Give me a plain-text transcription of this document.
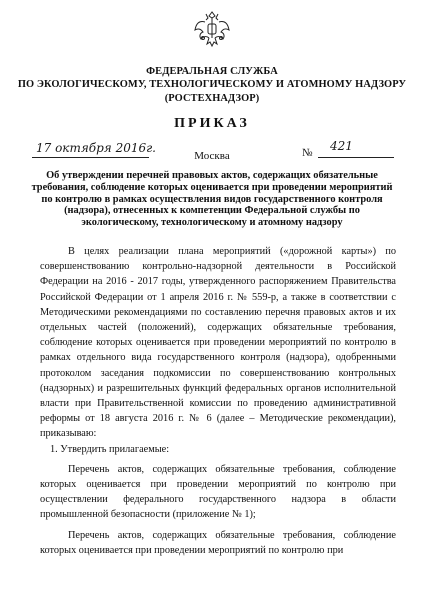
ФЕДЕРАЛЬНАЯ СЛУЖБА
ПО ЭКОЛОГИЧЕСКОМУ, ТЕХНОЛОГИЧЕСКОМУ И АТОМНОМУ НАДЗОРУ
(РОСТЕХНАДЗОР)
ПРИКАЗ
17 октября 2016г.
Москва	№ 421
Об утверждении перечней правовых актов, содержащих обязательные требования, соблюдение которых оценивается при проведении мероприятий по контролю в рамках осуществления видов государственного контроля (надзора), отнесенных к компетенции Федеральной службы по экологическому, технологическому и атомному надзору

В целях реализации плана мероприятий («дорожной карты») по совершенствованию контрольно-надзорной деятельности в Российской Федерации на 2016 - 2017 годы, утвержденного распоряжением Правительства Российской Федерации от 1 апреля 2016 г. № 559-р, а также в соответствии с Методическими рекомендациями по составлению перечня правовых актов и их отдельных частей (положений), содержащих обязательные требования, соблюдение которых оценивается при проведении мероприятий по контролю в рамках отдельного вида государственного контроля (надзора), одобренными протоколом заседания подкомиссии по совершенствованию контрольных (надзорных) и разрешительных функций федеральных органов исполнительной власти при Правительственной комиссии по проведению административной реформы от 18 августа 2016 г. № 6 (далее – Методические рекомендации), приказываю:

1. Утвердить прилагаемые:

Перечень актов, содержащих обязательные требования, соблюдение которых оценивается при проведении мероприятий по контролю при осуществлении федерального государственного надзора в области промышленной безопасности (приложение № 1);

Перечень актов, содержащих обязательные требования, соблюдение которых оценивается при проведении мероприятий по контролю при
